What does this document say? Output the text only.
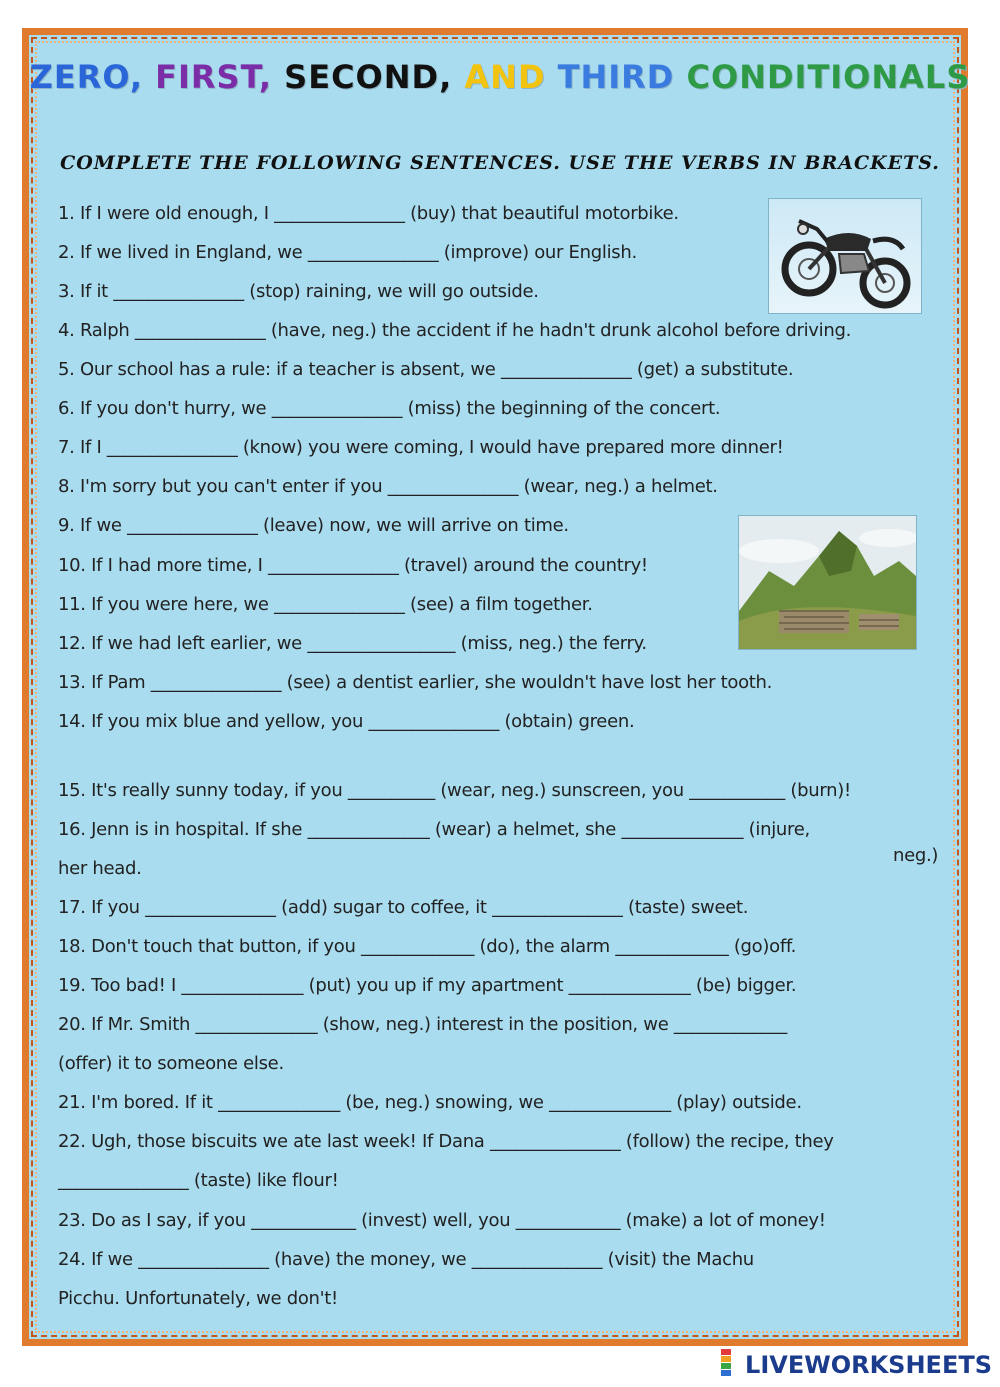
ZERO, FIRST, SECOND, AND THIRD CONDITIONALS
COMPLETE THE FOLLOWING SENTENCES. USE THE VERBS IN BRACKETS.
1. If I were old enough, I _______________ (buy) that beautiful motorbike.
2. If we lived in England, we _______________ (improve) our English.
3. If it _______________ (stop) raining, we will go outside.
4. Ralph _______________ (have, neg.) the accident if he hadn't drunk alcohol before driving.
5. Our school has a rule: if a teacher is absent, we _______________ (get) a substitute.
6. If you don't hurry, we _______________ (miss) the beginning of the concert.
7. If I _______________ (know) you were coming, I would have prepared more dinner!
8. I'm sorry but you can't enter if you _______________ (wear, neg.) a helmet.
9. If we _______________ (leave) now, we will arrive on time.
10. If I had more time, I _______________ (travel) around the country!
11. If you were here, we _______________ (see) a film together.
12. If we had left earlier, we _________________ (miss, neg.) the ferry.
13. If Pam _______________ (see) a dentist earlier, she wouldn't have lost her tooth.
14. If you mix blue and yellow, you _______________ (obtain) green.
15. It's really sunny today, if you __________ (wear, neg.) sunscreen, you ___________ (burn)!
16. Jenn is in hospital. If she ______________ (wear) a helmet, she ______________ (injure,
neg.)
her head.
17. If you _______________ (add) sugar to coffee, it _______________ (taste) sweet.
18. Don't touch that button, if you _____________ (do), the alarm _____________ (go)off.
19. Too bad! I ______________ (put) you up if my apartment ______________ (be) bigger.
20. If Mr. Smith ______________ (show, neg.) interest in the position, we _____________
(offer) it to someone else.
21. I'm bored. If it ______________ (be, neg.) snowing, we ______________ (play) outside.
22. Ugh, those biscuits we ate last week! If Dana _______________ (follow) the recipe, they
_______________ (taste) like flour!
23. Do as I say, if you ____________ (invest) well, you ____________ (make) a lot of money!
24. If we _______________ (have) the money, we _______________ (visit) the Machu
Picchu. Unfortunately, we don't!
LIVEWORKSHEETS
